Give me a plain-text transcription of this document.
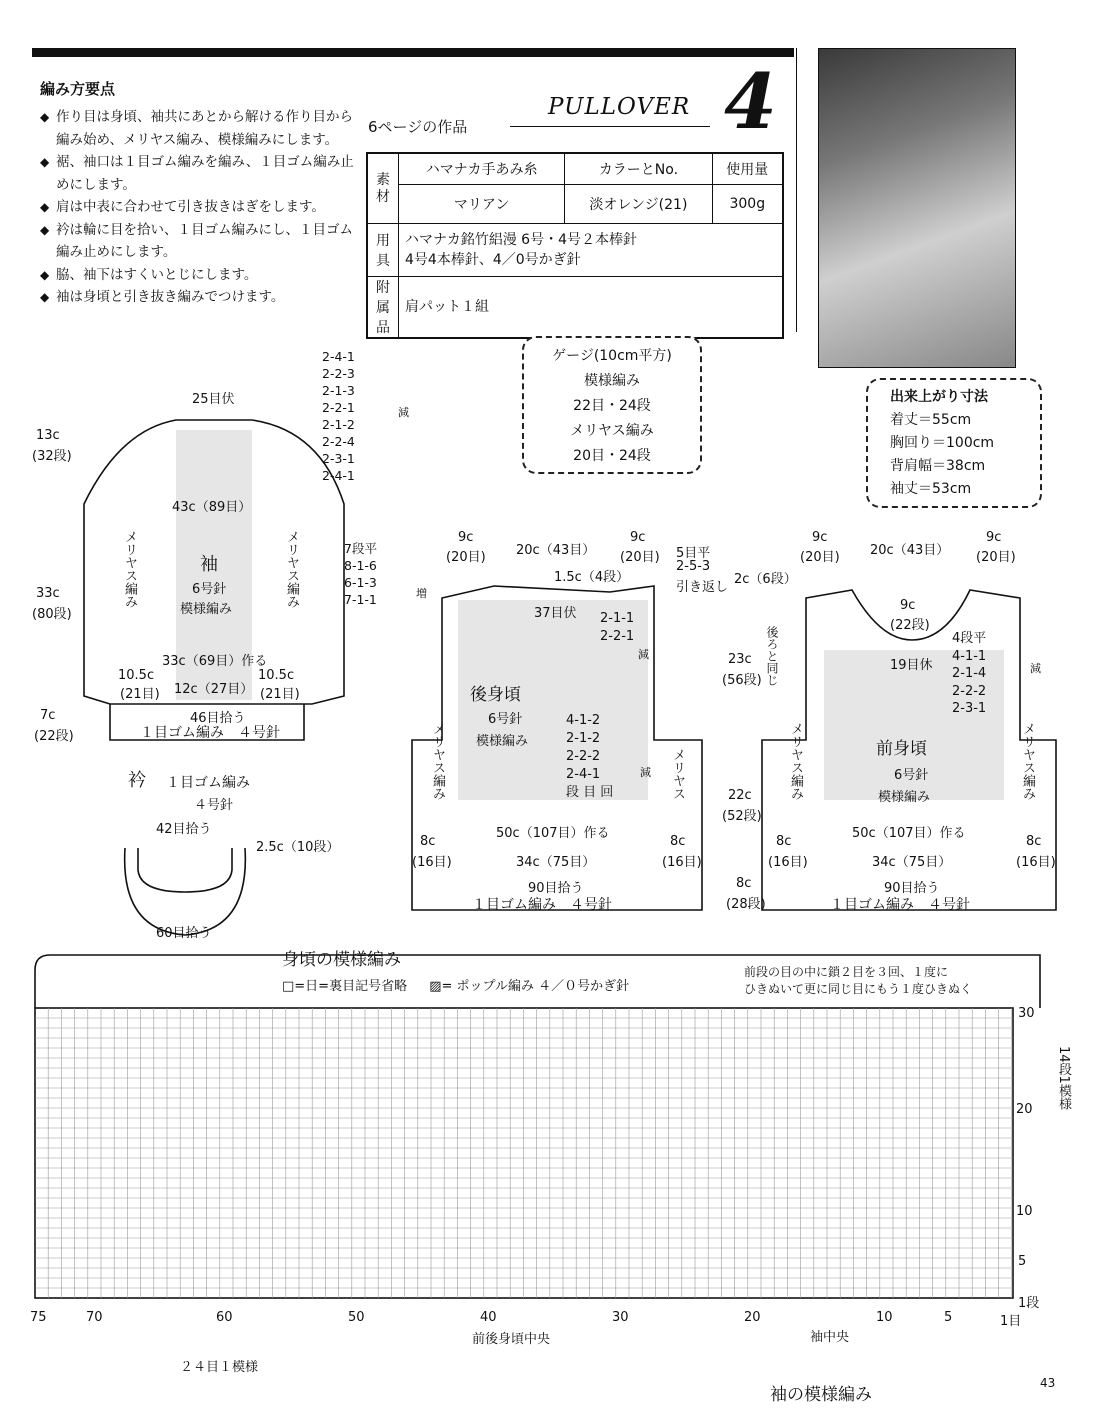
編み方要点
◆ 作り目は身頃、袖共にあとから解ける作り目から編み始め、メリヤス編み、模様編みにします。
◆ 裾、袖口は１目ゴム編みを編み、１目ゴム編み止めにします。
◆ 肩は中表に合わせて引き抜きはぎをします。
◆ 衿は輪に目を拾い、１目ゴム編みにし、１目ゴム編み止めにします。
◆ 脇、袖下はすくいとじにします。
◆ 袖は身頃と引き抜き編みでつけます。
6ページの作品
PULLOVER 4
素材	ハマナカ手あみ糸	カラーとNo.	使用量
	マリアン	淡オレンジ(21)	300g
用 具	ハマナカ銘竹絽漫 6号・4号２本棒針
4号4本棒針、4／0号かぎ針		

附属品	肩パット１組		
ゲージ(10cm平方)
模様編み
22目・24段
メリヤス編み
20目・24段
出来上がり寸法
着丈＝55cm
胸回り＝100cm
背肩幅＝38cm
袖丈＝53cm
25目伏
2-4-1
2-2-3
2-1-3
2-2-1
2-1-2
2-2-4
2-3-1
2-4-1
減
13c
(32段)
43c（89目）
袖
6号針
模様編み
メリヤス編み	メリヤス編み
33c
(80段)
7段平
8-1-6
6-1-3
7-1-1	増
33c（69目）作る
10.5c
(21目) 12c（27目）
10.5c
(21目)
46目拾う
7c
(22段)	１目ゴム編み　４号針
衿 １目ゴム編み
４号針
42目拾う
2.5c（10段）
60目拾う
9c
(20目) 20c（43目）
9c
(20目) 5目平
2-5-3
引き返し
1.5c（4段）
37目伏 2-1-1
2-2-1
減
後身頃
6号針
模様編み
メリヤス編み	メリヤス
4-1-2
2-1-2
2-2-2
2-4-1
段 目 回
減
23c
(56段)
22c
(52段)
8c
(28段)
50c（107目）作る
8c
(16目)	34c（75目）
8c
(16目)
90目拾う
１目ゴム編み　４号針
9c
(20目) 20c（43目）
9c
(20目)
2c（6段）
後ろと同じ
9c
(22段)
19目休
4段平
4-1-1
2-1-4
2-2-2
2-3-1
減
前身頃
6号針
模様編み
メリヤス編み	メリヤス編み
50c（107目）作る
8c
(16目)	34c（75目）
8c
(16目)
90目拾う
１目ゴム編み　４号針
身頃の模様編み
□=日=裏目記号省略 ▨= ポップル編み ４／０号かぎ針
前段の目の中に鎖２目を３回、１度に
ひきぬいて更に同じ目にもう１度ひきぬく
30
20
10
5
1段
14段1模様
75	70	60	50	40	30	20	10	5	1目
前後身頃中央	袖中央
２４目１模様
袖の模様編み
43
